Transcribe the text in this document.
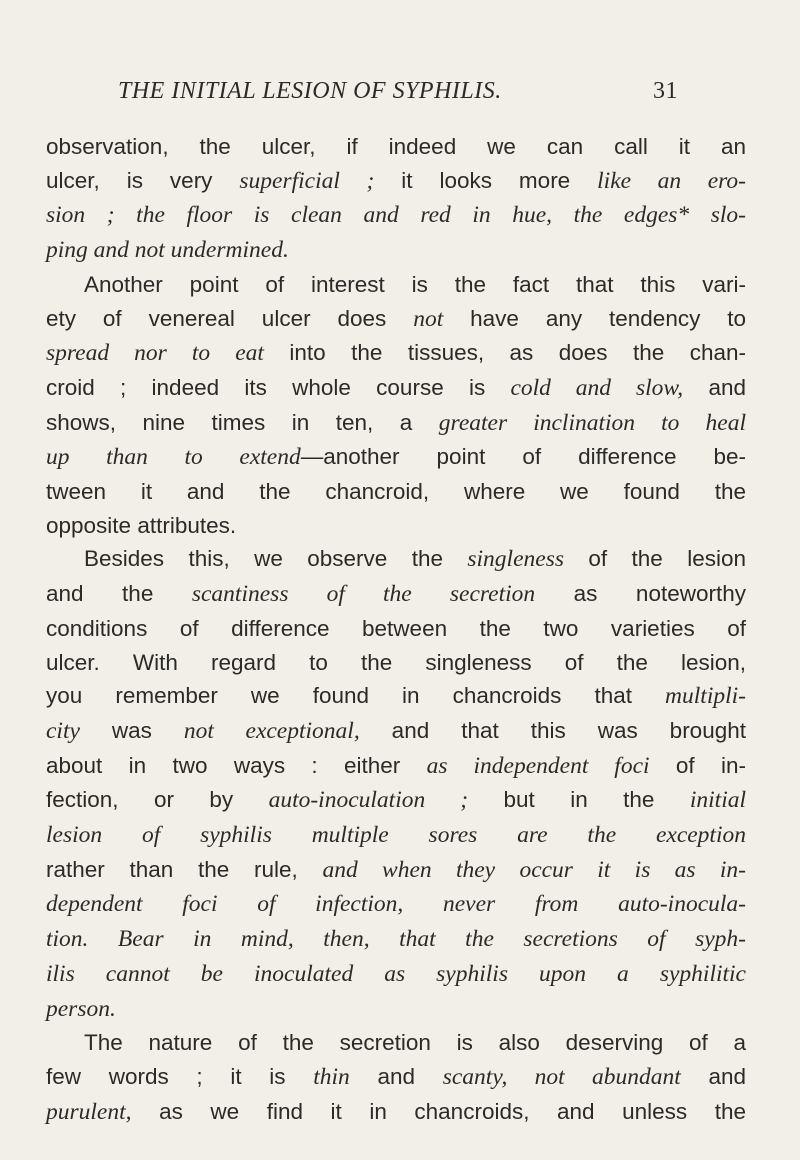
THE INITIAL LESION OF SYPHILIS.	31
observation, the ulcer, if indeed we can call it an
ulcer, is very superficial ; it looks more like an ero-
sion ; the floor is clean and red in hue, the edges* slo-
ping and not undermined.
Another point of interest is the fact that this vari-
ety of venereal ulcer does not have any tendency to
spread nor to eat into the tissues, as does the chan-
croid ; indeed its whole course is cold and slow, and
shows, nine times in ten, a greater inclination to heal
up than to extend—another point of difference be-
tween it and the chancroid, where we found the
opposite attributes.
Besides this, we observe the singleness of the lesion
and the scantiness of the secretion as noteworthy
conditions of difference between the two varieties of
ulcer. With regard to the singleness of the lesion,
you remember we found in chancroids that multipli-
city was not exceptional, and that this was brought
about in two ways : either as independent foci of in-
fection, or by auto-inoculation ; but in the initial
lesion of syphilis multiple sores are the exception
rather than the rule, and when they occur it is as in-
dependent foci of infection, never from auto-inocula-
tion. Bear in mind, then, that the secretions of syph-
ilis cannot be inoculated as syphilis upon a syphilitic
person.
The nature of the secretion is also deserving of a
few words ; it is thin and scanty, not abundant and
purulent, as we find it in chancroids, and unless the
